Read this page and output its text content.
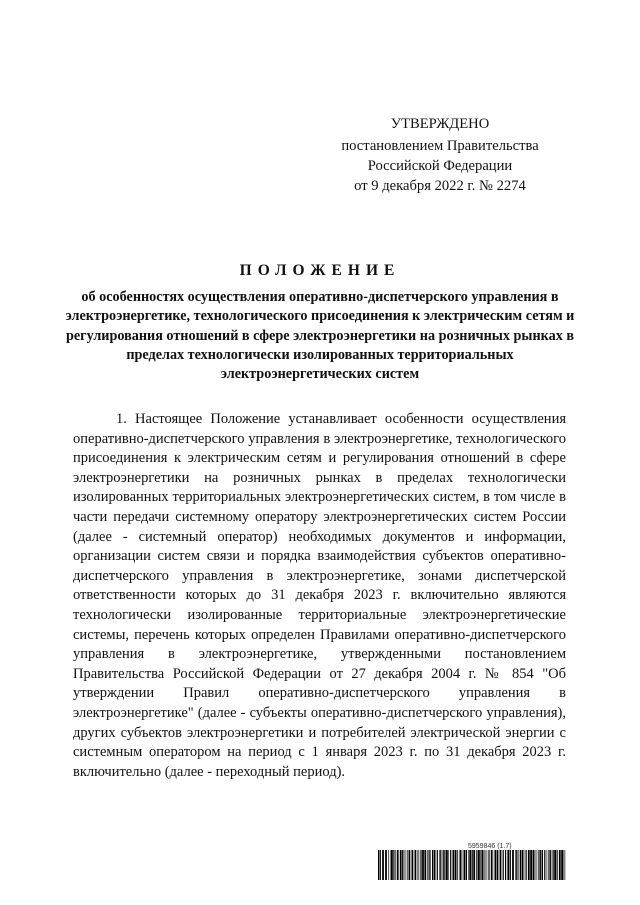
УТВЕРЖДЕНО
постановлением Правительства
Российской Федерации
от 9 декабря 2022 г. № 2274
ПОЛОЖЕНИЕ
об особенностях осуществления оперативно-диспетчерского управления в электроэнергетике, технологического присоединения к электрическим сетям и регулирования отношений в сфере электроэнергетики на розничных рынках в пределах технологически изолированных территориальных электроэнергетических систем

1. Настоящее Положение устанавливает особенности осуществления оперативно-диспетчерского управления в электроэнергетике, технологического присоединения к электрическим сетям и регулирования отношений в сфере электроэнергетики на розничных рынках в пределах технологически изолированных территориальных электроэнергетических систем, в том числе в части передачи системному оператору электроэнергетических систем России (далее - системный оператор) необходимых документов и информации, организации систем связи и порядка взаимодействия субъектов оперативно-диспетчерского управления в электроэнергетике, зонами диспетчерской ответственности которых до 31 декабря 2023 г. включительно являются технологически изолированные территориальные электроэнергетические системы, перечень которых определен Правилами оперативно-диспетчерского управления в электроэнергетике, утвержденными постановлением Правительства Российской Федерации от 27 декабря 2004 г. № 854 "Об утверждении Правил оперативно-диспетчерского управления в электроэнергетике" (далее - субъекты оперативно-диспетчерского управления), других субъектов электроэнергетики и потребителей электрической энергии с системным оператором на период с 1 января 2023 г. по 31 декабря 2023 г. включительно (далее - переходный период).

5959846 (1.7)
